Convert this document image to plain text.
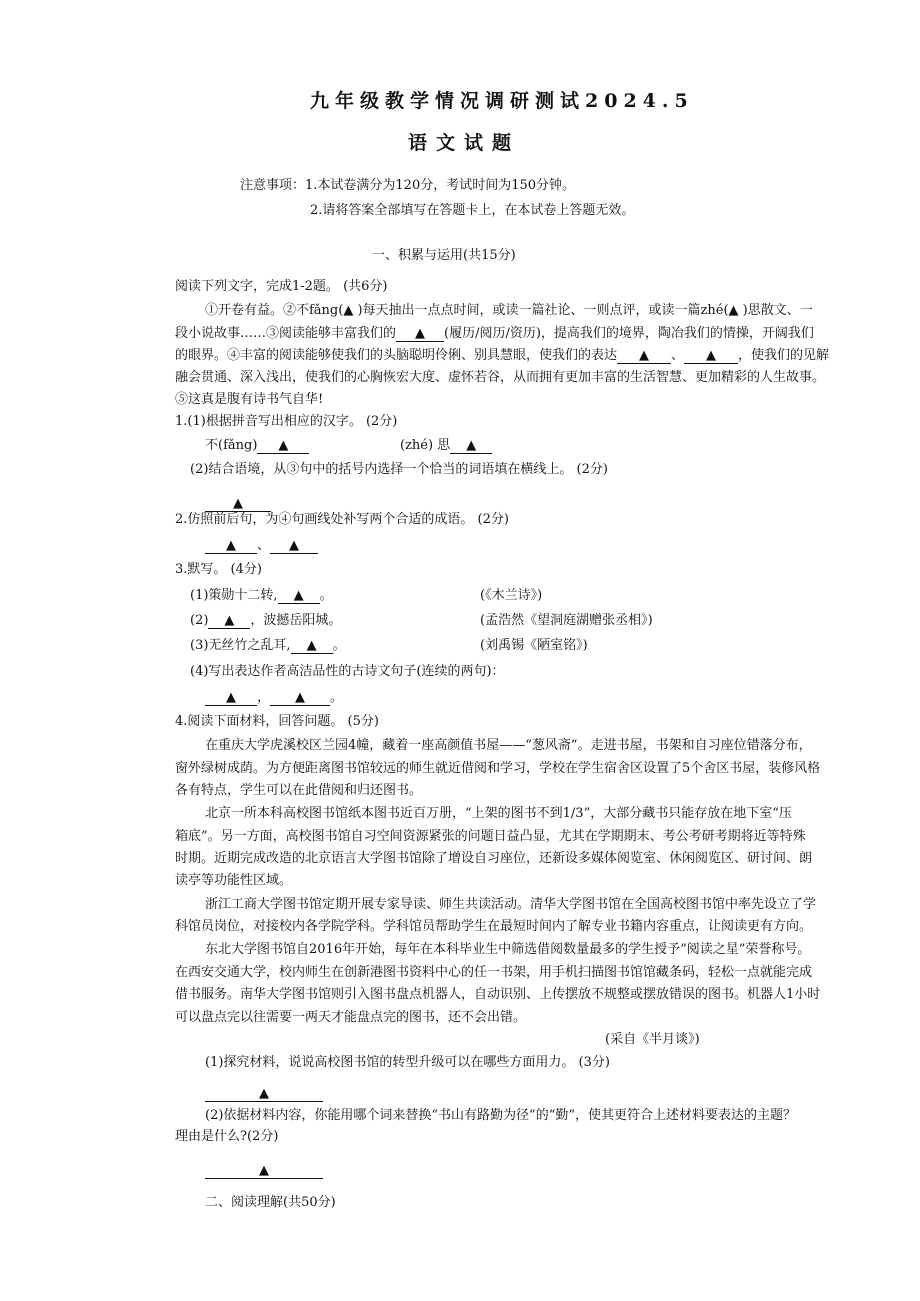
九年级教学情况调研测试2024.5
语文试题
注意事项：1.本试卷满分为120分，考试时间为150分钟。
2.请将答案全部填写在答题卡上，在本试卷上答题无效。
一、积累与运用(共15分)
阅读下列文字，完成1-2题。 (共6分)
①开卷有益。②不fǎng(▲ )每天抽出一点点时间，或读一篇社论、一则点评，或读一篇zhé(▲ )思散文、一
段小说故事……③阅读能够丰富我们的 ▲ (履历/阅历/资历)，提高我们的境界，陶冶我们的情操，开阔我们
的眼界。④丰富的阅读能够使我们的头脑聪明伶俐、别具慧眼，使我们的表达 ▲ 、 ▲ ，使我们的见解
融会贯通、深入浅出，使我们的心胸恢宏大度、虚怀若谷，从而拥有更加丰富的生活智慧、更加精彩的人生故事。
⑤这真是腹有诗书气自华!
1.(1)根据拼音写出相应的汉字。 (2分)
不(fǎng) ▲	(zhé) 思 ▲
(2)结合语境，从③句中的括号内选择一个恰当的词语填在横线上。 (2分)
▲
2.仿照前后句，为④句画线处补写两个合适的成语。 (2分)
▲ 、 ▲
3.默写。 (4分)
(1)策勋十二转, ▲ 。	(《木兰诗》)
(2) ▲ ，波撼岳阳城。	(孟浩然《望洞庭湖赠张丞相》)
(3)无丝竹之乱耳, ▲ 。	(刘禹锡《陋室铭》)
(4)写出表达作者高洁品性的古诗文句子(连续的两句)：
▲ ， ▲ 。
4.阅读下面材料，回答问题。 (5分)
在重庆大学虎溪校区兰园4幢，藏着一座高颜值书屋——“葱风斋”。走进书屋，书架和自习座位错落分布，
窗外绿树成荫。为方便距离图书馆较远的师生就近借阅和学习，学校在学生宿舍区设置了5个舍区书屋，装修风格
各有特点，学生可以在此借阅和归还图书。
北京一所本科高校图书馆纸本图书近百万册，“上架的图书不到1/3”，大部分藏书只能存放在地下室“压
箱底”。另一方面，高校图书馆自习空间资源紧张的问题日益凸显，尤其在学期期末、考公考研考期将近等特殊
时期。近期完成改造的北京语言大学图书馆除了增设自习座位，还新设多媒体阅览室、休闲阅览区、研讨间、朗
读亭等功能性区域。
浙江工商大学图书馆定期开展专家导读、师生共读活动。清华大学图书馆在全国高校图书馆中率先设立了学
科馆员岗位，对接校内各学院学科。学科馆员帮助学生在最短时间内了解专业书籍内容重点，让阅读更有方向。
东北大学图书馆自2016年开始，每年在本科毕业生中筛选借阅数量最多的学生授予“阅读之星”荣誉称号。
在西安交通大学，校内师生在创新港图书资料中心的任一书架，用手机扫描图书馆馆藏条码，轻松一点就能完成
借书服务。南华大学图书馆则引入图书盘点机器人，自动识别、上传摆放不规整或摆放错误的图书。机器人1小时
可以盘点完以往需要一两天才能盘点完的图书，还不会出错。
(采自《半月谈》)
(1)探究材料，说说高校图书馆的转型升级可以在哪些方面用力。 (3分)
▲
(2)依据材料内容，你能用哪个词来替换“书山有路勤为径”的“勤”，使其更符合上述材料要表达的主题？
理由是什么?(2分)
▲
二、阅读理解(共50分)
